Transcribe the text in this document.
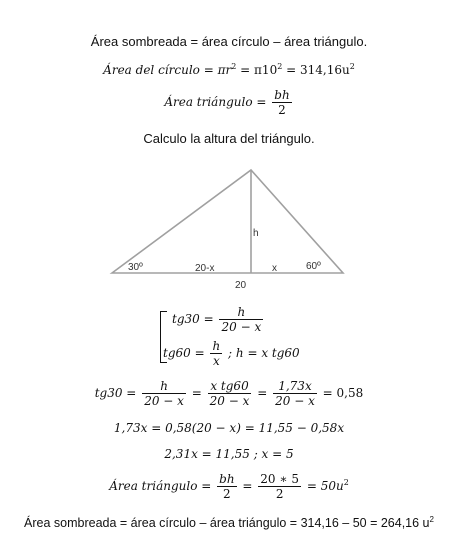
Área sombreada = área círculo – área triángulo.
Área del círculo = $\pi r^2 = \pi 10^2 = 314,16u^2$
Área triángulo = $\frac{bh}{2}$
Calculo la altura del triángulo.
h
30º	60º
20-x	x
20
$tg30 = \frac{h}{20 - x}$
$tg60 = \frac{h}{x}$ ; h = x tg60
$tg30 = \frac{h}{20 - x} = \frac{\text{x tg60}}{20 - x} = \frac{1,73x}{20 - x} = 0,58$
1,73x = 0,58(20 − x) = 11,55 − 0,58x
2,31x = 11,55 ; x = 5
Área triángulo = $\frac{bh}{2} = \frac{20 ∗ 5}{2} = 50u^2$
Área sombreada = área círculo – área triángulo = 314,16 – 50 = 264,16 $u^2$
